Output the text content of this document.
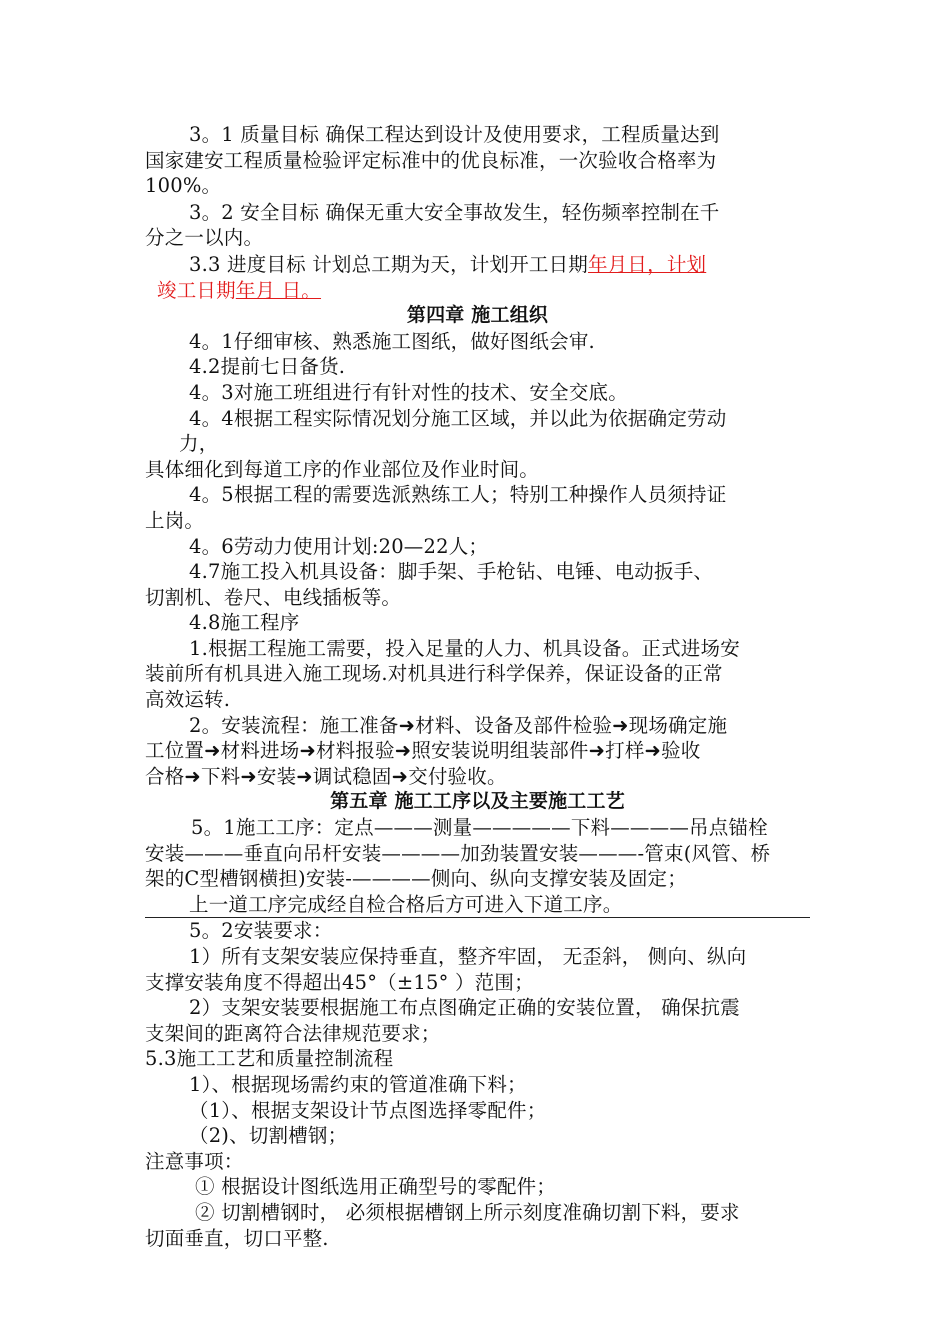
3。1 质量目标 确保工程达到设计及使用要求，工程质量达到
国家建安工程质量检验评定标准中的优良标准，一次验收合格率为
100%。
3。2 安全目标 确保无重大安全事故发生，轻伤频率控制在千
分之一以内。
3.3 进度目标 计划总工期为天，计划开工日期年月日，计划
竣工日期年月 日。
第四章 施工组织
4。1仔细审核、熟悉施工图纸，做好图纸会审.
4.2提前七日备货.
4。3对施工班组进行有针对性的技术、安全交底。
4。4根据工程实际情况划分施工区域，并以此为依据确定劳动
力，
具体细化到每道工序的作业部位及作业时间。
4。5根据工程的需要选派熟练工人；特别工种操作人员须持证
上岗。
4。6劳动力使用计划:20—22人；
4.7施工投入机具设备：脚手架、手枪钻、电锤、电动扳手、
切割机、卷尺、电线插板等。
4.8施工程序
1.根据工程施工需要，投入足量的人力、机具设备。正式进场安
装前所有机具进入施工现场.对机具进行科学保养，保证设备的正常
高效运转.
2。安装流程：施工准备➜材料、设备及部件检验➜现场确定施
工位置➜材料进场➜材料报验➜照安装说明组装部件➜打样➜验收
合格➜下料➜安装➜调试稳固➜交付验收。
第五章 施工工序以及主要施工工艺
5。1施工工序：定点———测量—————下料————吊点锚栓
安装———垂直向吊杆安装————加劲装置安装———-管束(风管、桥
架的C型槽钢横担)安装-————侧向、纵向支撑安装及固定；
上一道工序完成经自检合格后方可进入下道工序。
5。2安装要求：
1）所有支架安装应保持垂直，整齐牢固， 无歪斜， 侧向、纵向
支撑安装角度不得超出45°（±15° ）范围；
2）支架安装要根据施工布点图确定正确的安装位置， 确保抗震
支架间的距离符合法律规范要求；
5.3施工工艺和质量控制流程
1）、根据现场需约束的管道准确下料；
（1）、根据支架设计节点图选择零配件；
（2)、切割槽钢；
注意事项：
① 根据设计图纸选用正确型号的零配件；
② 切割槽钢时， 必须根据槽钢上所示刻度准确切割下料，要求
切面垂直，切口平整.
